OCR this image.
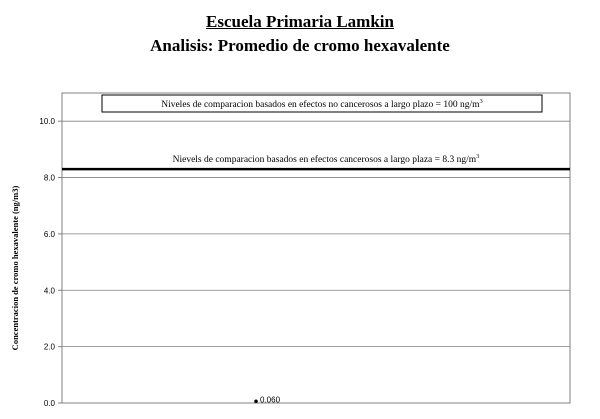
Escuela Primaria Lamkin
Analisis: Promedio de cromo hexavalente
0.0
2.0
4.0
6.0
8.0
10.0
Nievels de comparacion basados en efectos cancerosos a largo plaza = 8.3 $ng/m^3$
Niveles de comparacion basados en efectos no cancerosos a largo plazo = 100 $ng/m^3$
0.060
Concentracion de cromo hexavalente (ng/m3)
